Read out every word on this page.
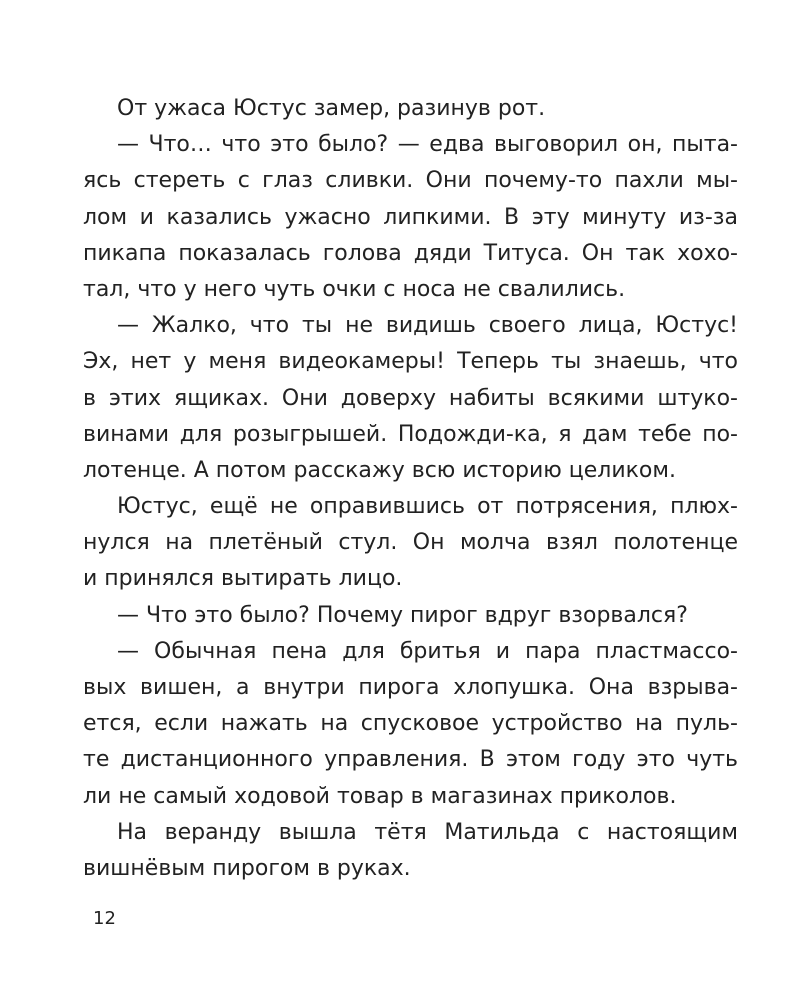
От ужаса Юстус замер, разинув рот.
— Что… что это было? — едва выговорил он, пыта-
ясь стереть с глаз сливки. Они почему-то пахли мы-
лом и казались ужасно липкими. В эту минуту из-за
пикапа показалась голова дяди Титуса. Он так хохо-
тал, что у него чуть очки с носа не свалились.
— Жалко, что ты не видишь своего лица, Юстус!
Эх, нет у меня видеокамеры! Теперь ты знаешь, что
в этих ящиках. Они доверху набиты всякими штуко-
винами для розыгрышей. Подожди-ка, я дам тебе по-
лотенце. А потом расскажу всю историю целиком.
Юстус, ещё не оправившись от потрясения, плюх-
нулся на плетёный стул. Он молча взял полотенце
и принялся вытирать лицо.
— Что это было? Почему пирог вдруг взорвался?
— Обычная пена для бритья и пара пластмассо-
вых вишен, а внутри пирога хлопушка. Она взрыва-
ется, если нажать на спусковое устройство на пуль-
те дистанционного управления. В этом году это чуть
ли не самый ходовой товар в магазинах приколов.
На веранду вышла тётя Матильда с настоящим
вишнёвым пирогом в руках.
12
